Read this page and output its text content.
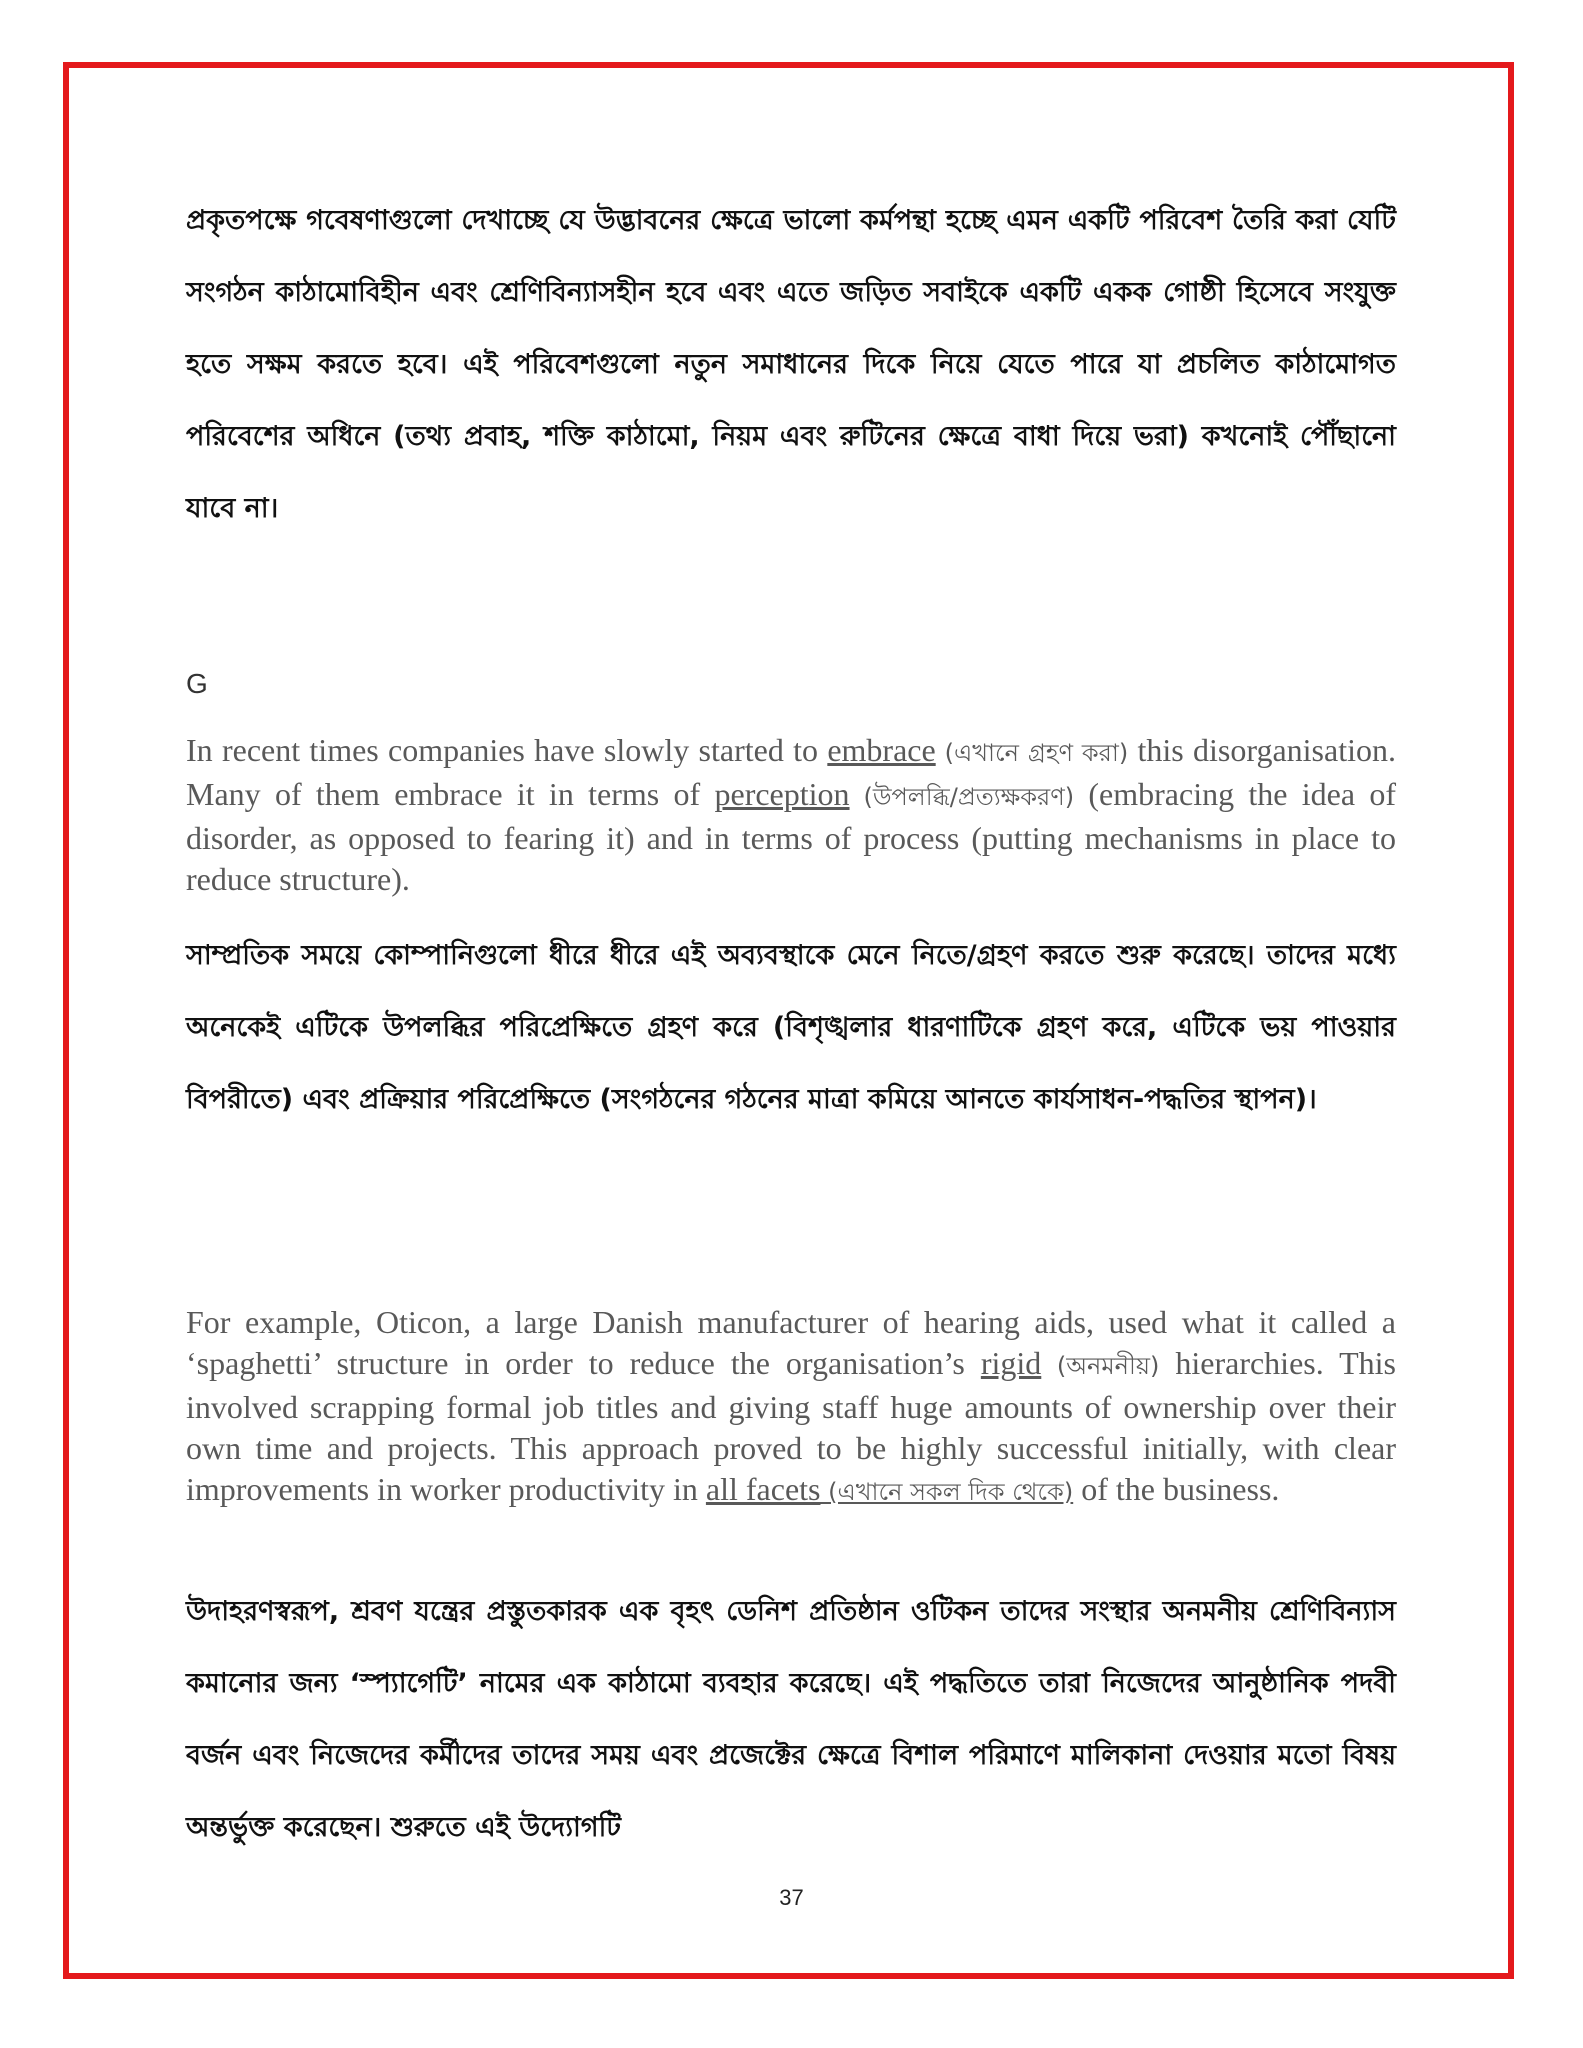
প্রকৃতপক্ষে গবেষণাগুলো দেখাচ্ছে যে উদ্ভাবনের ক্ষেত্রে ভালো কর্মপন্থা হচ্ছে এমন একটি পরিবেশ তৈরি করা যেটি সংগঠন কাঠামোবিহীন এবং শ্রেণিবিন্যাসহীন হবে এবং এতে জড়িত সবাইকে একটি একক গোষ্ঠী হিসেবে সংযুক্ত হতে সক্ষম করতে হবে। এই পরিবেশগুলো নতুন সমাধানের দিকে নিয়ে যেতে পারে যা প্রচলিত কাঠামোগত পরিবেশের অধিনে (তথ্য প্রবাহ, শক্তি কাঠামো, নিয়ম এবং রুটিনের ক্ষেত্রে বাধা দিয়ে ভরা) কখনোই পৌঁছানো যাবে না।

G

In recent times companies have slowly started to embrace (এখানে গ্রহণ করা) this disorganisation. Many of them embrace it in terms of perception (উপলব্ধি/প্রত্যক্ষকরণ) (embracing the idea of disorder, as opposed to fearing it) and in terms of process (putting mechanisms in place to reduce structure).

সাম্প্রতিক সময়ে কোম্পানিগুলো ধীরে ধীরে এই অব্যবস্থাকে মেনে নিতে/গ্রহণ করতে শুরু করেছে। তাদের মধ্যে অনেকেই এটিকে উপলব্ধির পরিপ্রেক্ষিতে গ্রহণ করে (বিশৃঙ্খলার ধারণাটিকে গ্রহণ করে, এটিকে ভয় পাওয়ার বিপরীতে) এবং প্রক্রিয়ার পরিপ্রেক্ষিতে (সংগঠনের গঠনের মাত্রা কমিয়ে আনতে কার্যসাধন-পদ্ধতির স্থাপন)।

For example, Oticon, a large Danish manufacturer of hearing aids, used what it called a ‘spaghetti’ structure in order to reduce the organisation’s rigid (অনমনীয়) hierarchies. This involved scrapping formal job titles and giving staff huge amounts of ownership over their own time and projects. This approach proved to be highly successful initially, with clear improvements in worker productivity in all facets (এখানে সকল দিক থেকে) of the business.

উদাহরণস্বরূপ, শ্রবণ যন্ত্রের প্রস্তুতকারক এক বৃহৎ ডেনিশ প্রতিষ্ঠান ওটিকন তাদের সংস্থার অনমনীয় শ্রেণিবিন্যাস কমানোর জন্য ‘স্প্যাগেটি’ নামের এক কাঠামো ব্যবহার করেছে। এই পদ্ধতিতে তারা নিজেদের আনুষ্ঠানিক পদবী বর্জন এবং নিজেদের কর্মীদের তাদের সময় এবং প্রজেক্টের ক্ষেত্রে বিশাল পরিমাণে মালিকানা দেওয়ার মতো বিষয় অন্তর্ভুক্ত করেছেন। শুরুতে এই উদ্যোগটি

37
